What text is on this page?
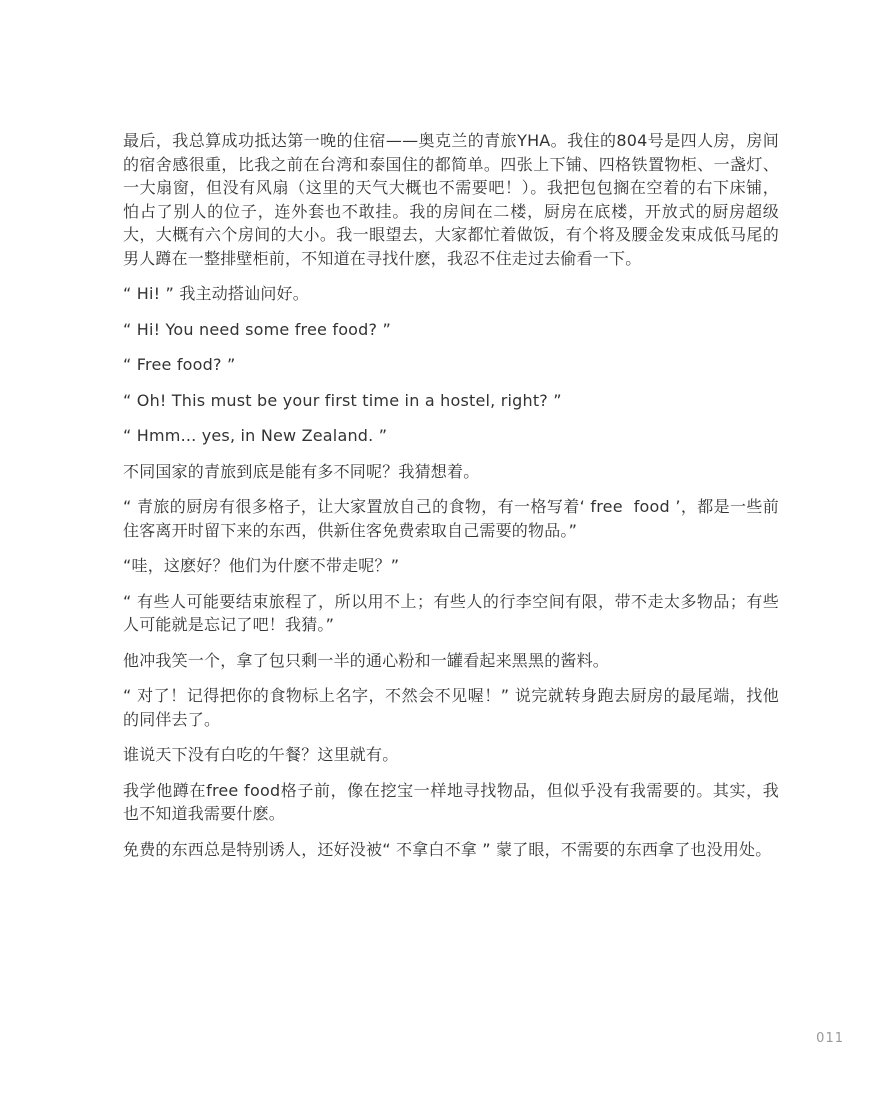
最后，我总算成功抵达第一晚的住宿——奥克兰的青旅YHA。我住的804号是四人房，房间的宿舍感很重，比我之前在台湾和泰国住的都简单。四张上下铺、四格铁置物柜、一盏灯、一大扇窗，但没有风扇（这里的天气大概也不需要吧！）。我把包包搁在空着的右下床铺，怕占了别人的位子，连外套也不敢挂。我的房间在二楼，厨房在底楼，开放式的厨房超级大，大概有六个房间的大小。我一眼望去，大家都忙着做饭，有个将及腰金发束成低马尾的男人蹲在一整排壁柜前，不知道在寻找什麽，我忍不住走过去偷看一下。

“ Hi! ” 我主动搭讪问好。

“ Hi! You need some free food? ”

“ Free food? ”

“ Oh! This must be your first time in a hostel, right? ”

“ Hmm... yes, in New Zealand. ”

不同国家的青旅到底是能有多不同呢？我猜想着。

“ 青旅的厨房有很多格子，让大家置放自己的食物，有一格写着‘ free  food ’，都是一些前住客离开时留下来的东西，供新住客免费索取自己需要的物品。”

“哇，这麽好？他们为什麽不带走呢？”

“ 有些人可能要结束旅程了，所以用不上；有些人的行李空间有限，带不走太多物品；有些人可能就是忘记了吧！我猜。”

他冲我笑一个，拿了包只剩一半的通心粉和一罐看起来黑黑的酱料。

“ 对了！记得把你的食物标上名字，不然会不见喔！” 说完就转身跑去厨房的最尾端，找他的同伴去了。

谁说天下没有白吃的午餐？这里就有。

我学他蹲在free food格子前，像在挖宝一样地寻找物品，但似乎没有我需要的。其实，我也不知道我需要什麽。

免费的东西总是特别诱人，还好没被“ 不拿白不拿 ” 蒙了眼，不需要的东西拿了也没用处。

011
